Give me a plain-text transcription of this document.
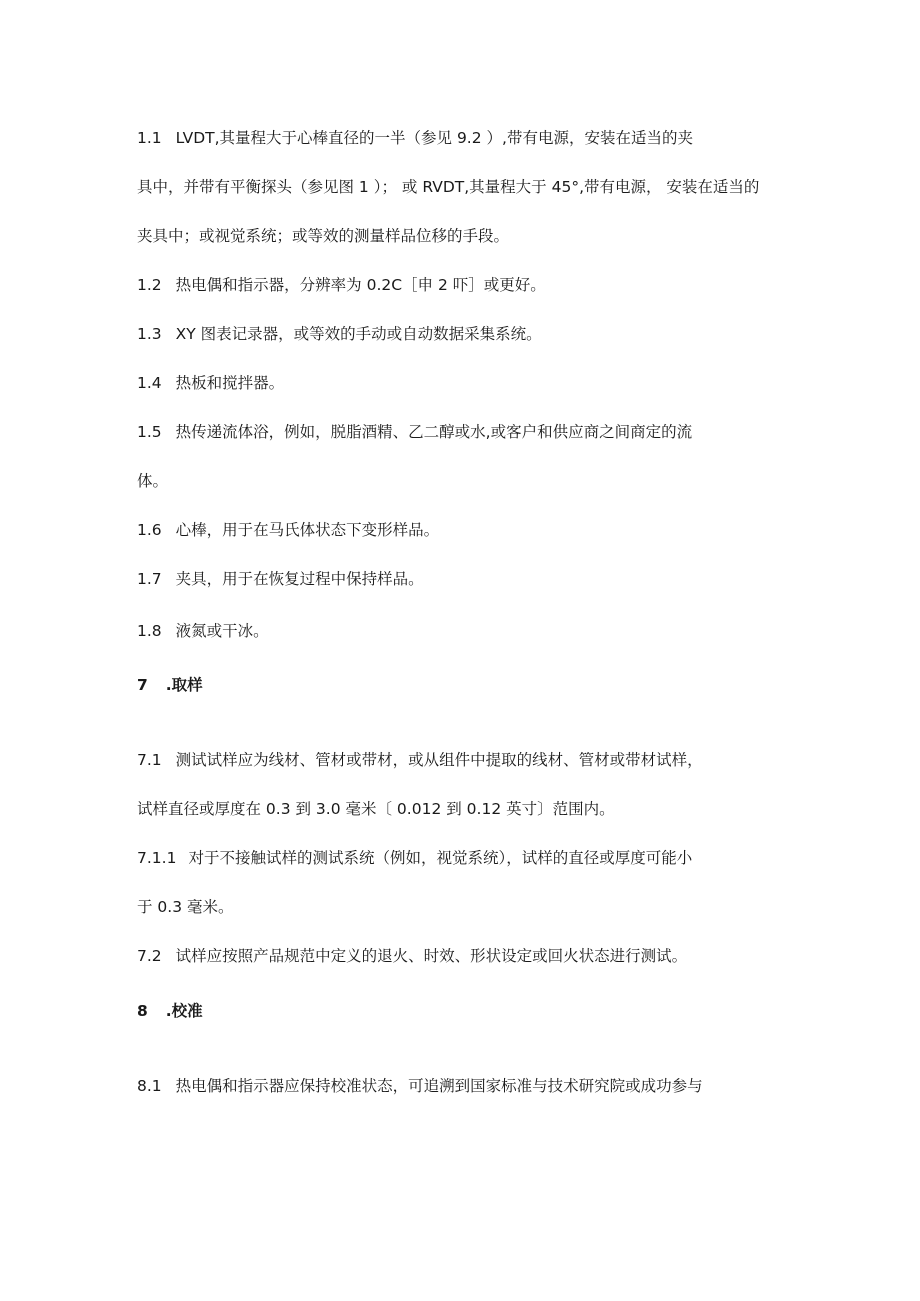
1.1 LVDT,其量程大于心棒直径的一半（参见 9.2 ）,带有电源，安装在适当的夹
具中，并带有平衡探头（参见图 1 ）； 或 RVDT,其量程大于 45°,带有电源， 安装在适当的
夹具中；或视觉系统；或等效的测量样品位移的手段。
1.2 热电偶和指示器，分辨率为 0.2C［申 2 吓］或更好。
1.3 XY 图表记录器，或等效的手动或自动数据采集系统。
1.4 热板和搅拌器。
1.5 热传递流体浴，例如，脱脂酒精、乙二醇或水,或客户和供应商之间商定的流
体。
1.6 心棒，用于在马氏体状态下变形样品。
1.7 夹具，用于在恢复过程中保持样品。
1.8 液氮或干冰。
7 .取样
7.1 测试试样应为线材、管材或带材，或从组件中提取的线材、管材或带材试样，
试样直径或厚度在 0.3 到 3.0 毫米〔 0.012 到 0.12 英寸〕范围内。
7.1.1 对于不接触试样的测试系统（例如，视觉系统），试样的直径或厚度可能小
于 0.3 毫米。
7.2 试样应按照产品规范中定义的退火、时效、形状设定或回火状态进行测试。
8 .校准
8.1 热电偶和指示器应保持校准状态，可追溯到国家标准与技术研究院或成功参与
